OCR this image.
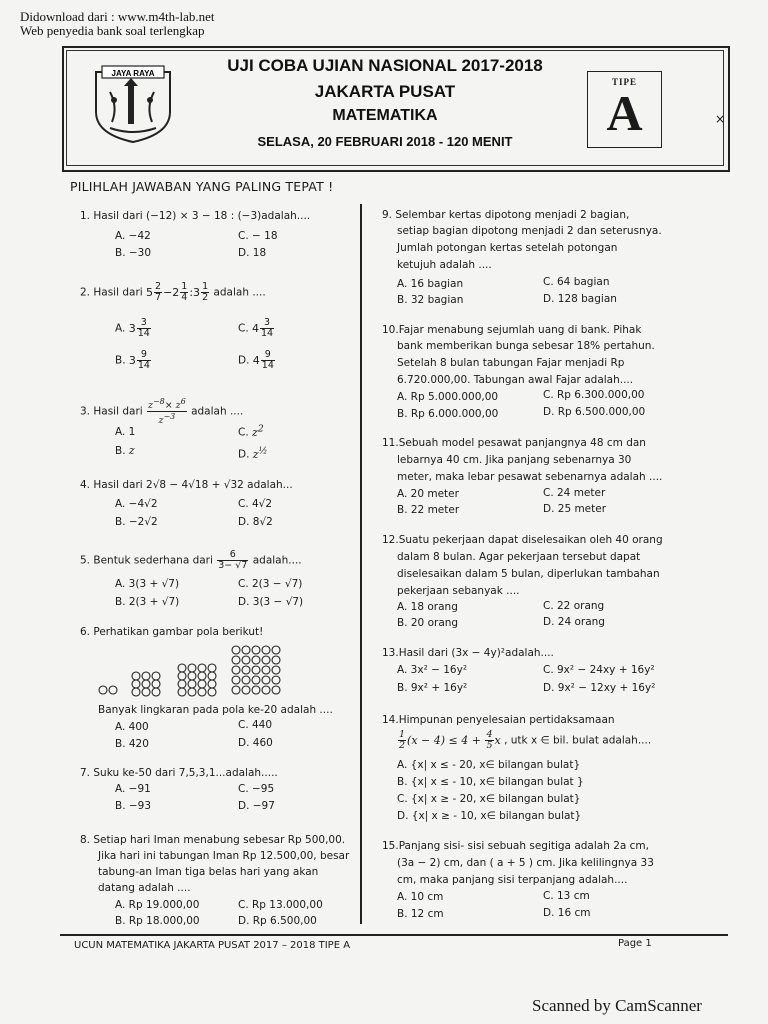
Didownload dari : www.m4th-lab.net
Web penyedia bank soal terlengkap
JAYA RAYA	UJI COBA UJIAN NASIONAL 2017-2018
JAKARTA PUSAT
MATEMATIKA
SELASA, 20 FEBRUARI 2018 - 120 MENIT
TIPE
A	×
PILIHLAH JAWABAN YANG PALING TEPAT !
1. Hasil dari (−12) × 3 − 18 : (−3)adalah....
A. −42
B. −30
C. − 18
D. 18
2. Hasil dari $5 \frac{2}{7} -2 \frac{1}{4}$ :3 $\frac{1}{2}$ adalah ....
A. $3 \frac{3}{14}$
B. $3 \frac{9}{14}$
C. $4 \frac{3}{14}$
D. $4 \frac{9}{14}$
3. Hasil dari $\frac{z^{-8}\times z^6}{z^{-3}}$ adalah ....
A. 1
B. z
C. $z^2$
D. $z^{\frac{1}{2}}$
4. Hasil dari 2√8 − 4√18 + √32 adalah...
A. −4√2
B. −2√2
C. 4√2
D. 8√2
5. Bentuk sederhana dari $\frac{6}{3- √7}$ adalah....
A. 3(3 + √7)
B. 2(3 + √7)
C. 2(3 − √7)
D. 3(3 − √7)
6. Perhatikan gambar pola berikut!
Banyak lingkaran pada pola ke-20 adalah ....
A. 400
B. 420
C. 440
D. 460
7. Suku ke-50 dari 7,5,3,1...adalah.....
A. −91
B. −93
C. −95
D. −97
8. Setiap hari Iman menabung sebesar Rp 500,00.
Jika hari ini tabungan Iman Rp 12.500,00, besar
tabung-an Iman tiga belas hari yang akan
datang adalah ....
A. Rp 19.000,00
B. Rp 18.000,00
C. Rp 13.000,00
D. Rp 6.500,00
9. Selembar kertas dipotong menjadi 2 bagian,
setiap bagian dipotong menjadi 2 dan seterusnya.
Jumlah potongan kertas setelah potongan
ketujuh adalah ....
A. 16 bagian
B. 32 bagian
C. 64 bagian
D. 128 bagian
10.Fajar menabung sejumlah uang di bank. Pihak
bank memberikan bunga sebesar 18% pertahun.
Setelah 8 bulan tabungan Fajar menjadi Rp
6.720.000,00. Tabungan awal Fajar adalah....
A. Rp 5.000.000,00
B. Rp 6.000.000,00
C. Rp 6.300.000,00
D. Rp 6.500.000,00
11.Sebuah model pesawat panjangnya 48 cm dan
lebarnya 40 cm. Jika panjang sebenarnya 30
meter, maka lebar pesawat sebenarnya adalah ....
A. 20 meter
B. 22 meter
C. 24 meter
D. 25 meter
12.Suatu pekerjaan dapat diselesaikan oleh 40 orang
dalam 8 bulan. Agar pekerjaan tersebut dapat
diselesaikan dalam 5 bulan, diperlukan tambahan
pekerjaan sebanyak ....
A. 18 orang
B. 20 orang
C. 22 orang
D. 24 orang
13.Hasil dari (3x − 4y)²adalah....
A. 3x² − 16y²
B. 9x² + 16y²
C. 9x² − 24xy + 16y²
D. 9x² − 12xy + 16y²
14.Himpunan penyelesaian pertidaksamaan
$\frac{1}{2} (x - 4) \le 4 + \frac{4}{5}$ x , utk x ∈ bil. bulat adalah....
A. {x| x ≤ - 20, x∈ bilangan bulat}
B. {x| x ≤ - 10, x∈ bilangan bulat }
C. {x| x ≥ - 20, x∈ bilangan bulat}
D. {x| x ≥ - 10, x∈ bilangan bulat}
15.Panjang sisi- sisi sebuah segitiga adalah 2a cm,
(3a − 2) cm, dan ( a + 5 ) cm. Jika kelilingnya 33
cm, maka panjang sisi terpanjang adalah....
A. 10 cm
B. 12 cm
C. 13 cm
D. 16 cm
UCUN MATEMATIKA JAKARTA PUSAT 2017 – 2018 TIPE A	Page 1
Scanned by CamScanner
